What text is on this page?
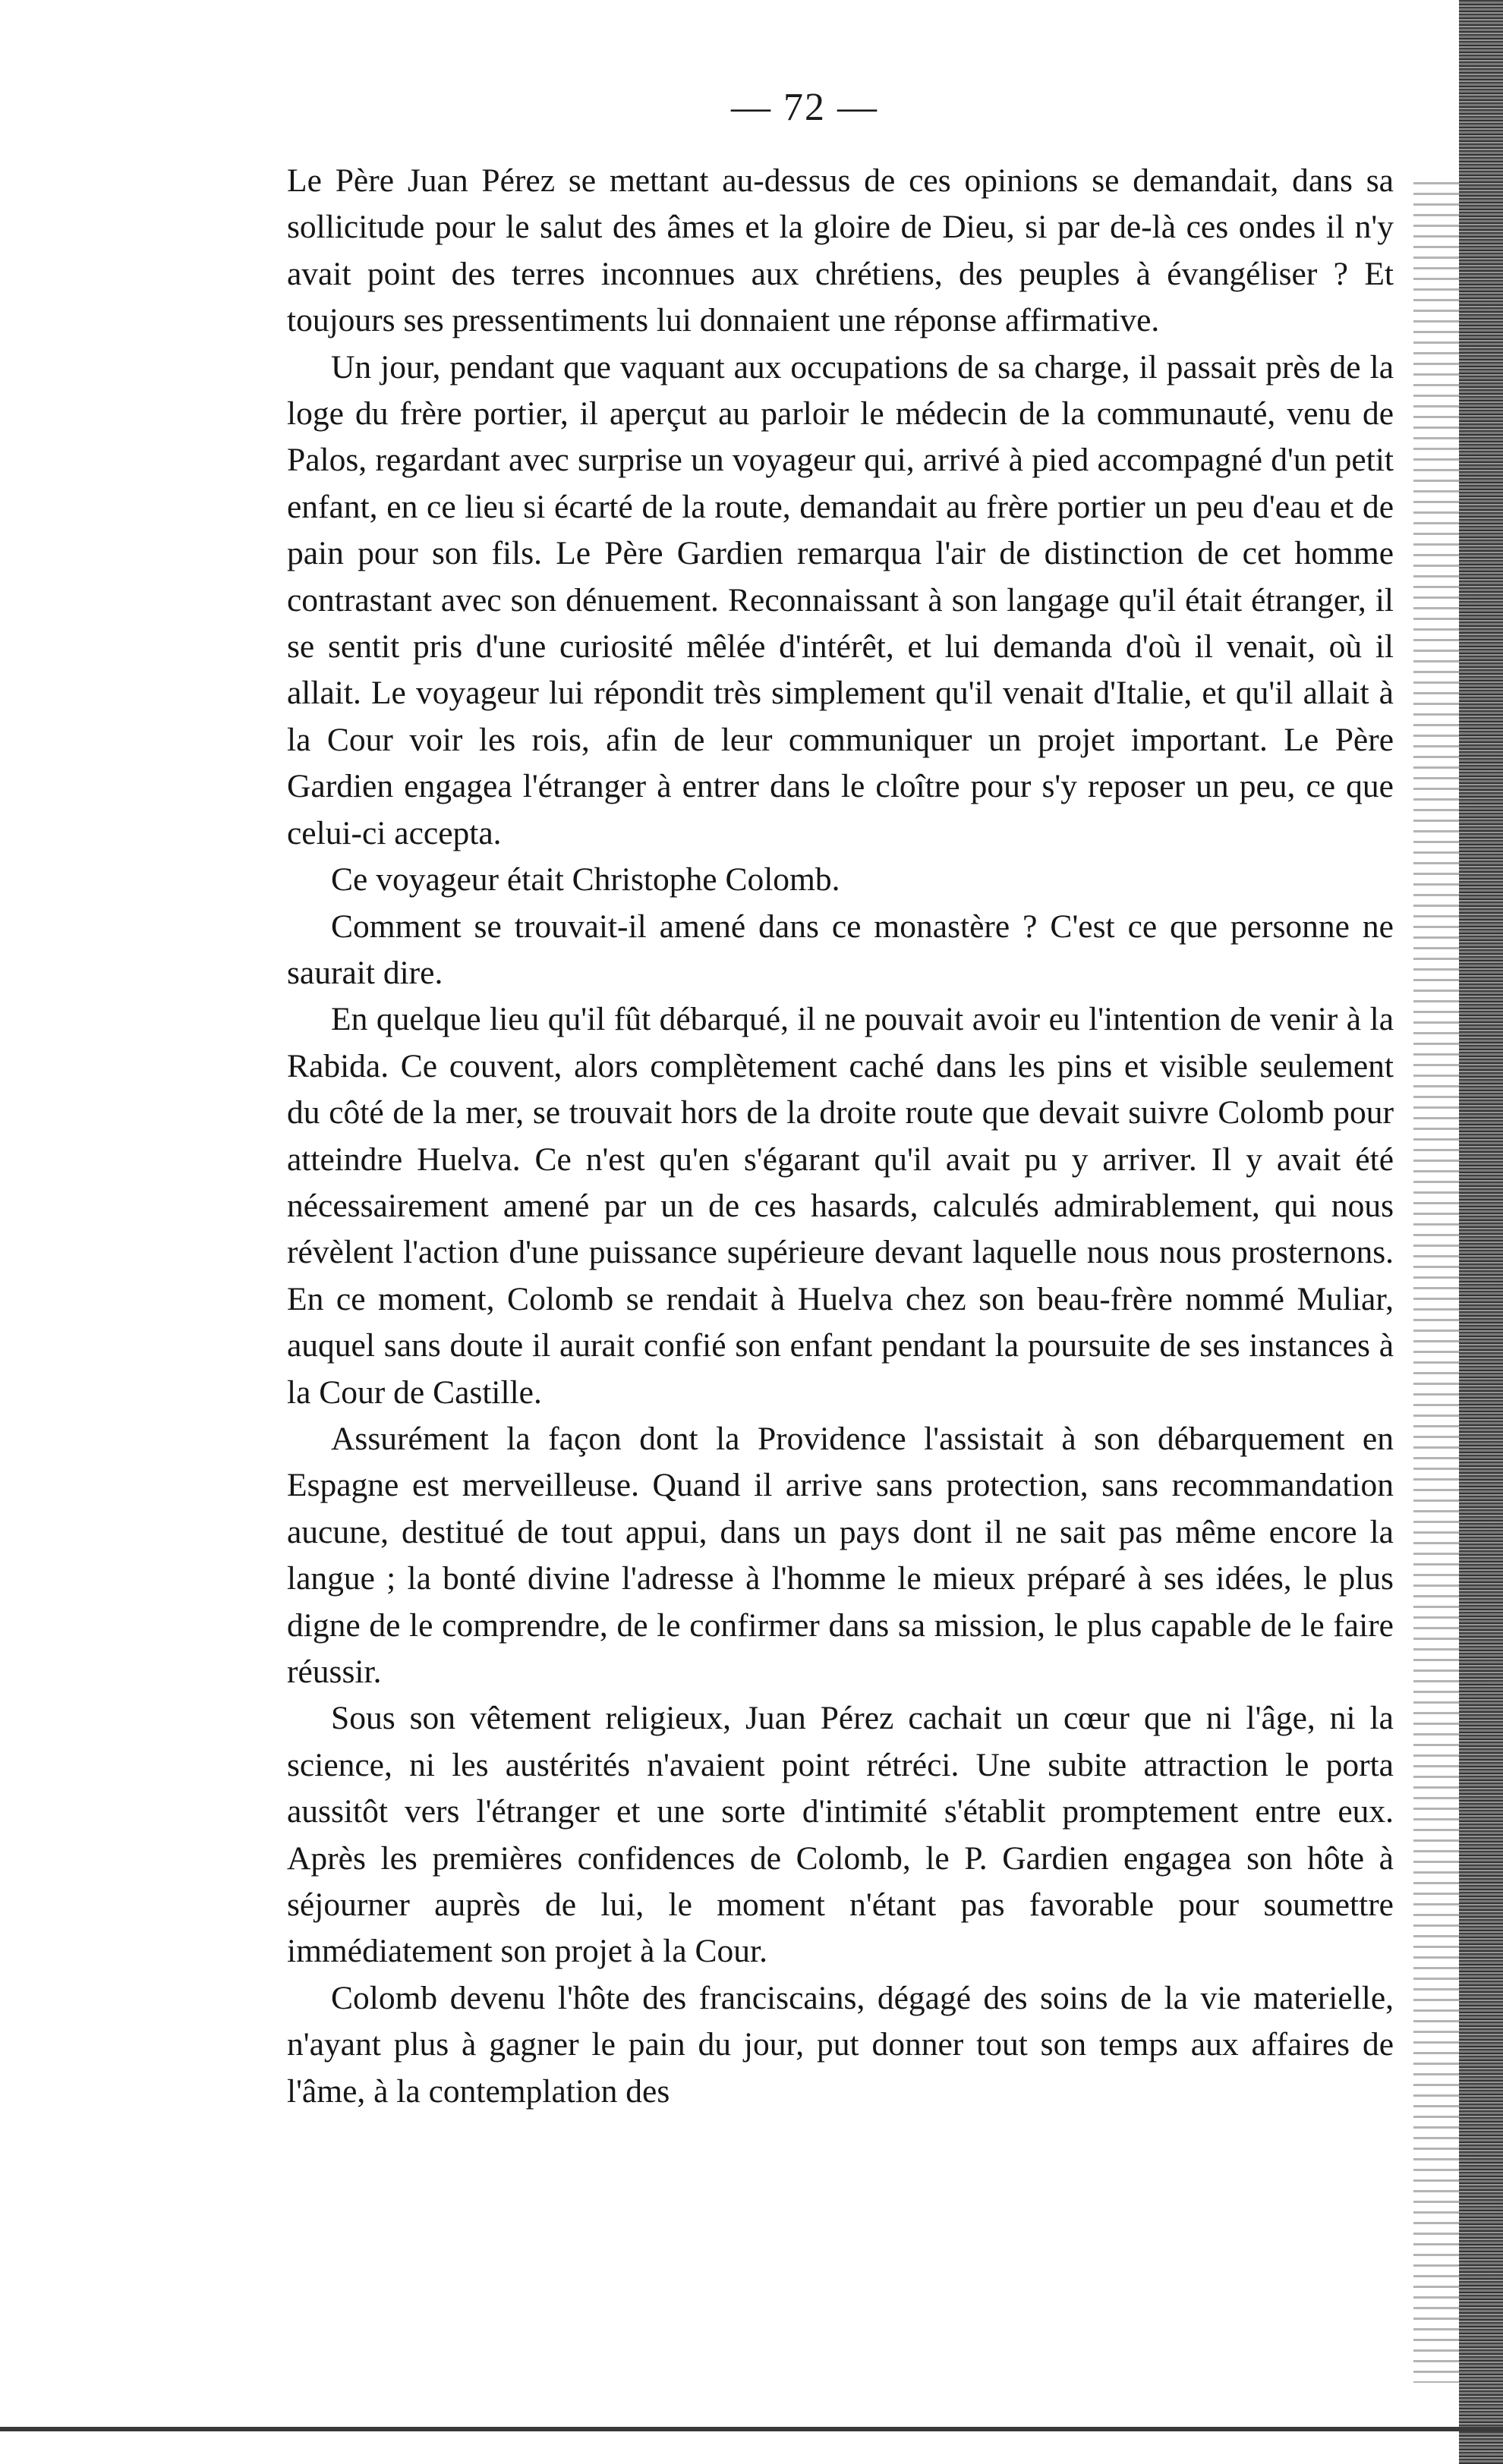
— 72 —

Le Père Juan Pérez se mettant au-dessus de ces opinions se demandait, dans sa sollicitude pour le salut des âmes et la gloire de Dieu, si par de-là ces ondes il n'y avait point des terres inconnues aux chrétiens, des peuples à évangéliser ? Et toujours ses pressentiments lui donnaient une réponse affirmative.

Un jour, pendant que vaquant aux occupations de sa charge, il passait près de la loge du frère portier, il aperçut au parloir le médecin de la communauté, venu de Palos, regardant avec surprise un voyageur qui, arrivé à pied accompagné d'un petit enfant, en ce lieu si écarté de la route, demandait au frère portier un peu d'eau et de pain pour son fils. Le Père Gardien remarqua l'air de distinction de cet homme contrastant avec son dénuement. Reconnaissant à son langage qu'il était étranger, il se sentit pris d'une curiosité mêlée d'intérêt, et lui demanda d'où il venait, où il allait. Le voyageur lui répondit très simplement qu'il venait d'Italie, et qu'il allait à la Cour voir les rois, afin de leur communiquer un projet important. Le Père Gardien engagea l'étranger à entrer dans le cloître pour s'y reposer un peu, ce que celui-ci accepta.

Ce voyageur était Christophe Colomb.

Comment se trouvait-il amené dans ce monastère ? C'est ce que personne ne saurait dire.

En quelque lieu qu'il fût débarqué, il ne pouvait avoir eu l'intention de venir à la Rabida. Ce couvent, alors complètement caché dans les pins et visible seulement du côté de la mer, se trouvait hors de la droite route que devait suivre Colomb pour atteindre Huelva. Ce n'est qu'en s'égarant qu'il avait pu y arriver. Il y avait été nécessairement amené par un de ces hasards, calculés admirablement, qui nous révèlent l'action d'une puissance supérieure devant laquelle nous nous prosternons. En ce moment, Colomb se rendait à Huelva chez son beau-frère nommé Muliar, auquel sans doute il aurait confié son enfant pendant la poursuite de ses instances à la Cour de Castille.

Assurément la façon dont la Providence l'assistait à son débarquement en Espagne est merveilleuse. Quand il arrive sans protection, sans recommandation aucune, destitué de tout appui, dans un pays dont il ne sait pas même encore la langue ; la bonté divine l'adresse à l'homme le mieux préparé à ses idées, le plus digne de le comprendre, de le confirmer dans sa mission, le plus capable de le faire réussir.

Sous son vêtement religieux, Juan Pérez cachait un cœur que ni l'âge, ni la science, ni les austérités n'avaient point rétréci. Une subite attraction le porta aussitôt vers l'étranger et une sorte d'intimité s'établit promptement entre eux. Après les premières confidences de Colomb, le P. Gardien engagea son hôte à séjourner auprès de lui, le moment n'étant pas favorable pour soumettre immédiatement son projet à la Cour.

Colomb devenu l'hôte des franciscains, dégagé des soins de la vie materielle, n'ayant plus à gagner le pain du jour, put donner tout son temps aux affaires de l'âme, à la contemplation des
